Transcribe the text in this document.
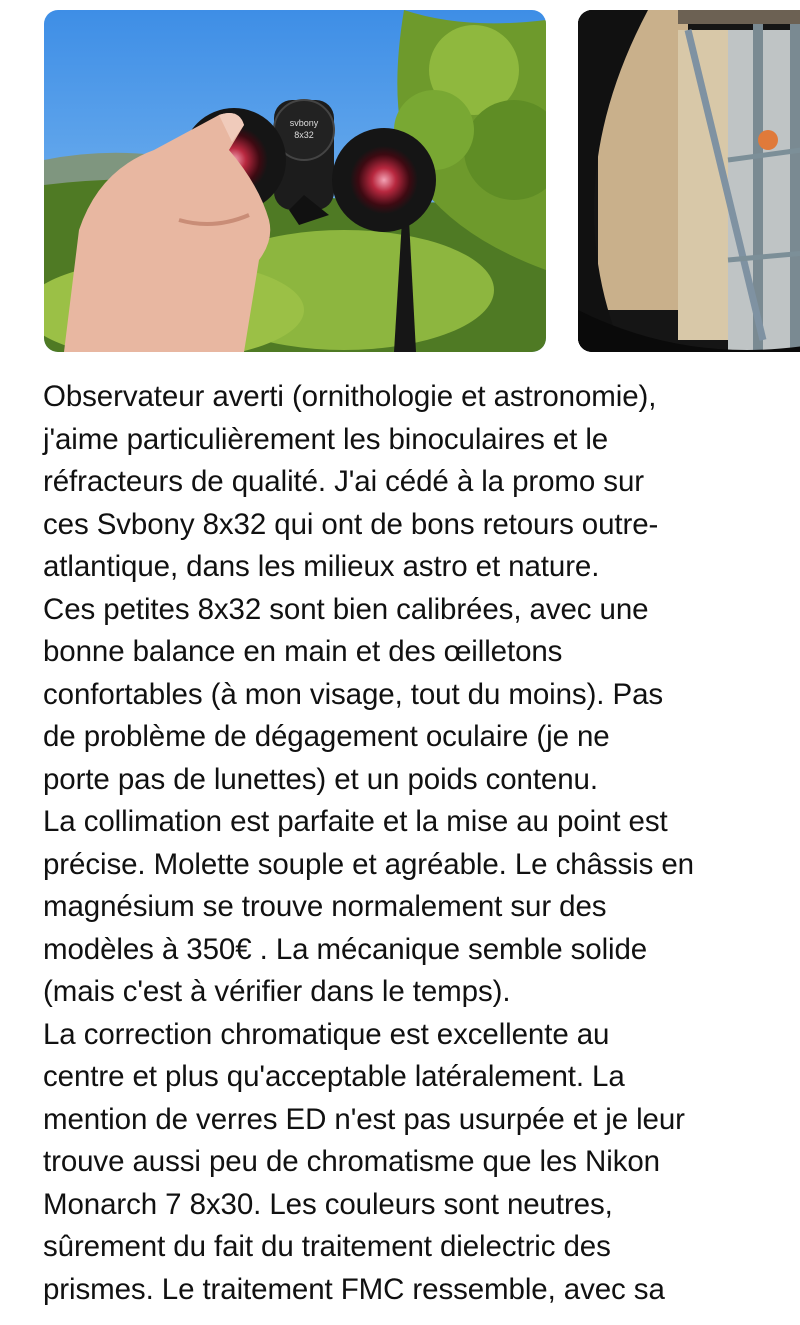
svbony
8x32
Observateur averti (ornithologie et astronomie),
j'aime particulièrement les binoculaires et le
réfracteurs de qualité. J'ai cédé à la promo sur
ces Svbony 8x32 qui ont de bons retours outre-
atlantique, dans les milieux astro et nature.
Ces petites 8x32 sont bien calibrées, avec une
bonne balance en main et des œilletons
confortables (à mon visage, tout du moins). Pas
de problème de dégagement oculaire (je ne
porte pas de lunettes) et un poids contenu.
La collimation est parfaite et la mise au point est
précise. Molette souple et agréable. Le châssis en
magnésium se trouve normalement sur des
modèles à 350€ . La mécanique semble solide
(mais c'est à vérifier dans le temps).
La correction chromatique est excellente au
centre et plus qu'acceptable latéralement. La
mention de verres ED n'est pas usurpée et je leur
trouve aussi peu de chromatisme que les Nikon
Monarch 7 8x30. Les couleurs sont neutres,
sûrement du fait du traitement dielectric des
prismes. Le traitement FMC ressemble, avec sa
